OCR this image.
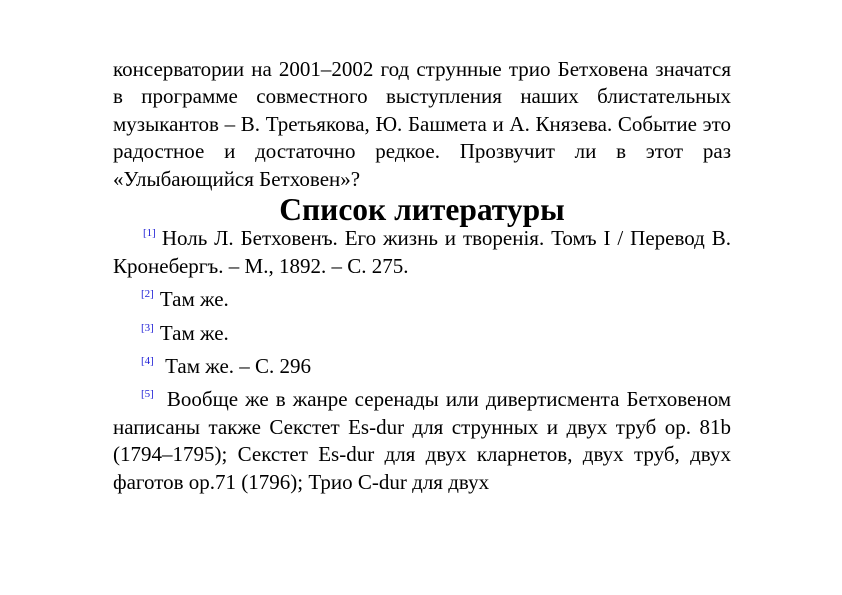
консерватории на 2001–2002 год струнные трио Бетховена значатся в программе совместного выступления наших блистательных музыкантов – В. Третьякова, Ю. Башмета и А. Князева. Событие это радостное и достаточно редкое. Прозвучит ли в этот раз «Улыбающийся Бетховен»?

Список литературы

[1] Ноль Л. Бетховенъ. Его жизнь и творенія. Томъ I / Перевод В. Кронебергъ. – М., 1892. – С. 275.

[2] Там же.

[3] Там же.

[4] Там же. – С. 296

[5] Вообще же в жанре серенады или дивертисмента Бетховеном написаны также Секстет Es-dur для струнных и двух труб ор. 81b (1794–1795); Секстет Es-dur для двух кларнетов, двух труб, двух фаготов ор.71 (1796); Трио C-dur для двух
